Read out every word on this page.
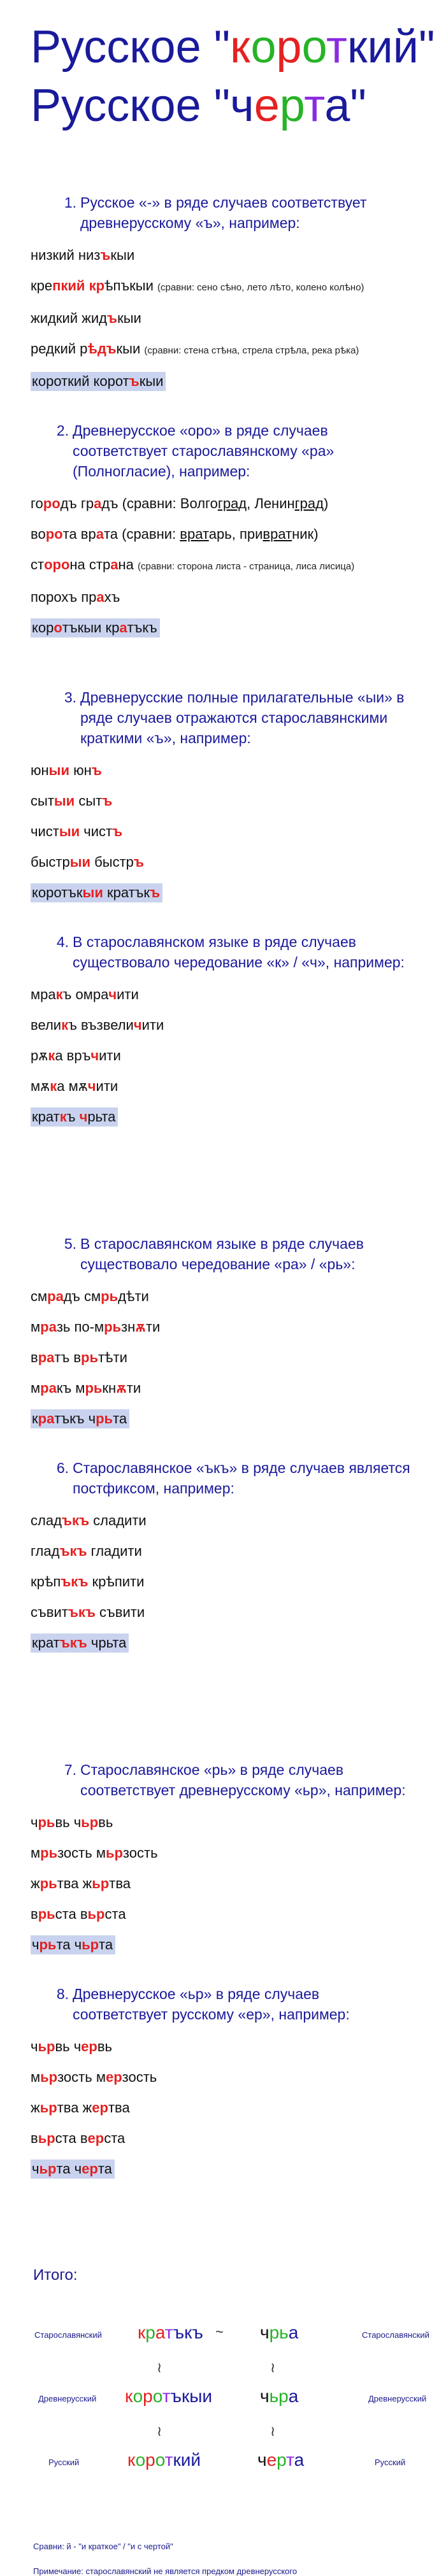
Русское "короткий"
Русское "черта"
1. Русское «-» в ряде случаев соответствует
древнерусскому «ъ», например:
низкий низъкыи
крепкий крѣпъкыи (сравни: сено сѣно, лето лѣто, колено колѣно)
жидкий жидъкыи
редкий рѣдъкыи (сравни: стена стѣна, стрела стрѣла, река рѣка)
короткий коротъкыи
2. Древнерусское «оро» в ряде случаев
соответствует старославянскому «ра»
(Полногласие), например:
городъ градъ (сравни: Волгоград, Ленинград)
ворота врата (сравни: вратарь, привратник)
сторона страна (сравни: сторона листа - страница, лиса лисица)
порохъ прахъ
коротъкыи кратъкъ
3. Древнерусские полные прилагательные «ыи» в
ряде случаев отражаются старославянскими
краткими «ъ», например:
юныи юнъ
сытыи сытъ
чистыи чистъ
быстрыи быстръ
коротъкыи кратъкъ
4. В старославянском языке в ряде случаев
существовало чередование «к» / «ч», например:
мракъ омрачити
великъ възвеличити
рѫка връчити
мѫка мѫчити
краткъ чрьта
5. В старославянском языке в ряде случаев
существовало чередование «ра» / «рь»:
смрадъ смрьдѣти
мразь по-мрьзнѫти
вратъ врьтѣти
мракъ мрькнѫти
кратъкъ чрьта
6. Старославянское «ъкъ» в ряде случаев является
постфиксом, например:
сладъкъ сладити
гладъкъ гладити
крѣпъкъ крѣпити
съвитъкъ съвити
кратъкъ чрьта
7. Старославянское «рь» в ряде случаев
соответствует древнерусскому «ьр», например:
чрьвь чьрвь
мрьзость мьрзость
жрьтва жьртва
врьста вьрста
чрьта чьрта
8. Древнерусское «ьр» в ряде случаев
соответствует русскому «ер», например:
чьрвь червь
мьрзость мерзость
жьртва жертва
вьрста верста
чьрта черта
Итого:
Старославянский кратъкъ ~ чрьа	Старославянский
≀	≀
Древнерусский коротъкыи	чьра	Древнерусский
≀	≀
Русский	короткий	черта	Русский
Сравни: й - "и краткое" / "и с чертой"
Примечание: старославянский не является предком древнерусского
